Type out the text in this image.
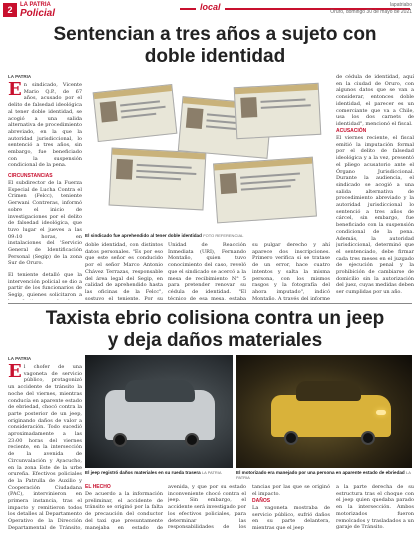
2	LA PATRIA
Policial
local	lapatriabo
Oruro, domingo 30 de mayo de 2021
Sentencian a tres años a sujeto con doble identidad
LA PATRIA
En sindicado, Vicente Mario Q.P., de 67 años, acusado por el delito de falsedad ideológica al tener doble identidad, se acogió a una salida alternativa de procedimiento abreviado, en la que la autoridad jurisdiccional, lo sentenció a tres años, sin embargo, fue beneficiado con la suspensión condicional de la pena.
CIRCUNSTANCIAS
El subdirector de la Fuerza Especial de Lucha Contra el Crimen (Felcc), teniente Gerwani Contreras, informó sobre el inicio de investigaciones por el delito de falsedad ideológica, que tuvo lugar el jueves a las 09:10 horas, en instalaciones del 'Servicio General de Identificación Personal (Segip) de la zona Sur de Oruro.
El teniente detalló que la intervención policial se dio a partir de los funcionarios de Segip, quienes solicitaron a
El sindicado fue aprehendido al tener doble identidad FOTO REFERENCIAL
doble identidad, con distintos datos personales. "Es por eso que este señor es conducido por el señor Marco Antonio Chávez Terrazas, responsable del área legal del Segip, en calidad de aprehendido hasta las oficinas de la Felcc", sostuvo el teniente. Por su
Unidad de Reacción Inmediata (URI), Fernando Montaño, quien tuvo conocimiento del caso, reveló que el sindicado se acercó a la mesa de recibimiento N° 5 para pretender renovar su cédula de identidad. "El técnico de esa mesa, estaba
su pulgar derecho y ahí aparece dos inscripciones. Primero verifica si se tratase de un error, hace cuatro intentos y salta la misma persona, con los mismos rasgos y la fotografía del ahora imputado", indicó Montaño. A través del informe
de cédula de identidad, aquí en la ciudad de Oruro, con algunos datos que se van a considerar, entonces doble identidad, el parecer es un comerciante que va a Chile, usa los dos carnets de identidad", mencionó el fiscal.
ACUSACIÓN
El viernes reciente, el fiscal emitió la imputación formal por el delito de falsedad ideológica y a la vez, presentó el pliego acusatorio ante el Órgano Jurisdiccional. Durante la audiencia, el sindicado se acogió a una salida alternativa de procedimiento abreviado y la autoridad jurisdiccional lo sentenció a tres años de cárcel, sin embargo, fue beneficiado con la suspensión condicional de la pena. Además, la autoridad jurisdiccional, determinó que el sentenciado, debe firmar cada tres meses en el juzgado de ejecución penal y la prohibición de cambiarse de domicilio sin la autorización del juez, cuyas medidas deben ser cumplidas por un año.
Taxista ebrio colisiona contra un jeep y deja daños materiales
LA PATRIA
El chofer de una vagoneta de servicio público, protagonizó un accidente de tránsito la noche del viernes, mientras conducía en aparente estado de ebriedad, chocó contra la parte posterior de un jeep, originando daños de valor a consideración. Todo sucedió aproximadamente a las 23:00 horas del viernes reciente, en la intersección de la avenida de Circunvalación y Ayacucho, en la zona Este de la urbe orureña. Efectivos policiales de la Patrulla de Auxilio y Cooperación Ciudadana (PAC), intervinieron en primera instancia, tras el impacto y remitieron todos los detalles al Departamento Operativo de la Dirección Departamental de Tránsito,
El jeep registró daños materiales en su rueda trasera LA PATRIA	El motorizado era manejado por una persona en aparente estado de ebriedad LA PATRIA
EL HECHO
De acuerdo a la información preliminar, el accidente de tránsito se originó por la falta de precaución del conductor del taxi que presuntamente manejaba en estado de
avenida, y que por su estado inconveniente chocó contra el jeep. Sin embargo, el accidente será investigado por los efectivos policiales, para determinar las responsabilidades de los
tancias por las que se originó el impacto.
DAÑOS
La vagoneta mostraba de servicio público, sufrió daños en su parte delantera, mientras que el jeep
a la parte derecha de su estructura tras el choque con el jeep quien quedaba parado en la intersección. Ambos motorizados fueron remolcados y trasladados a un garaje de Tránsito.
